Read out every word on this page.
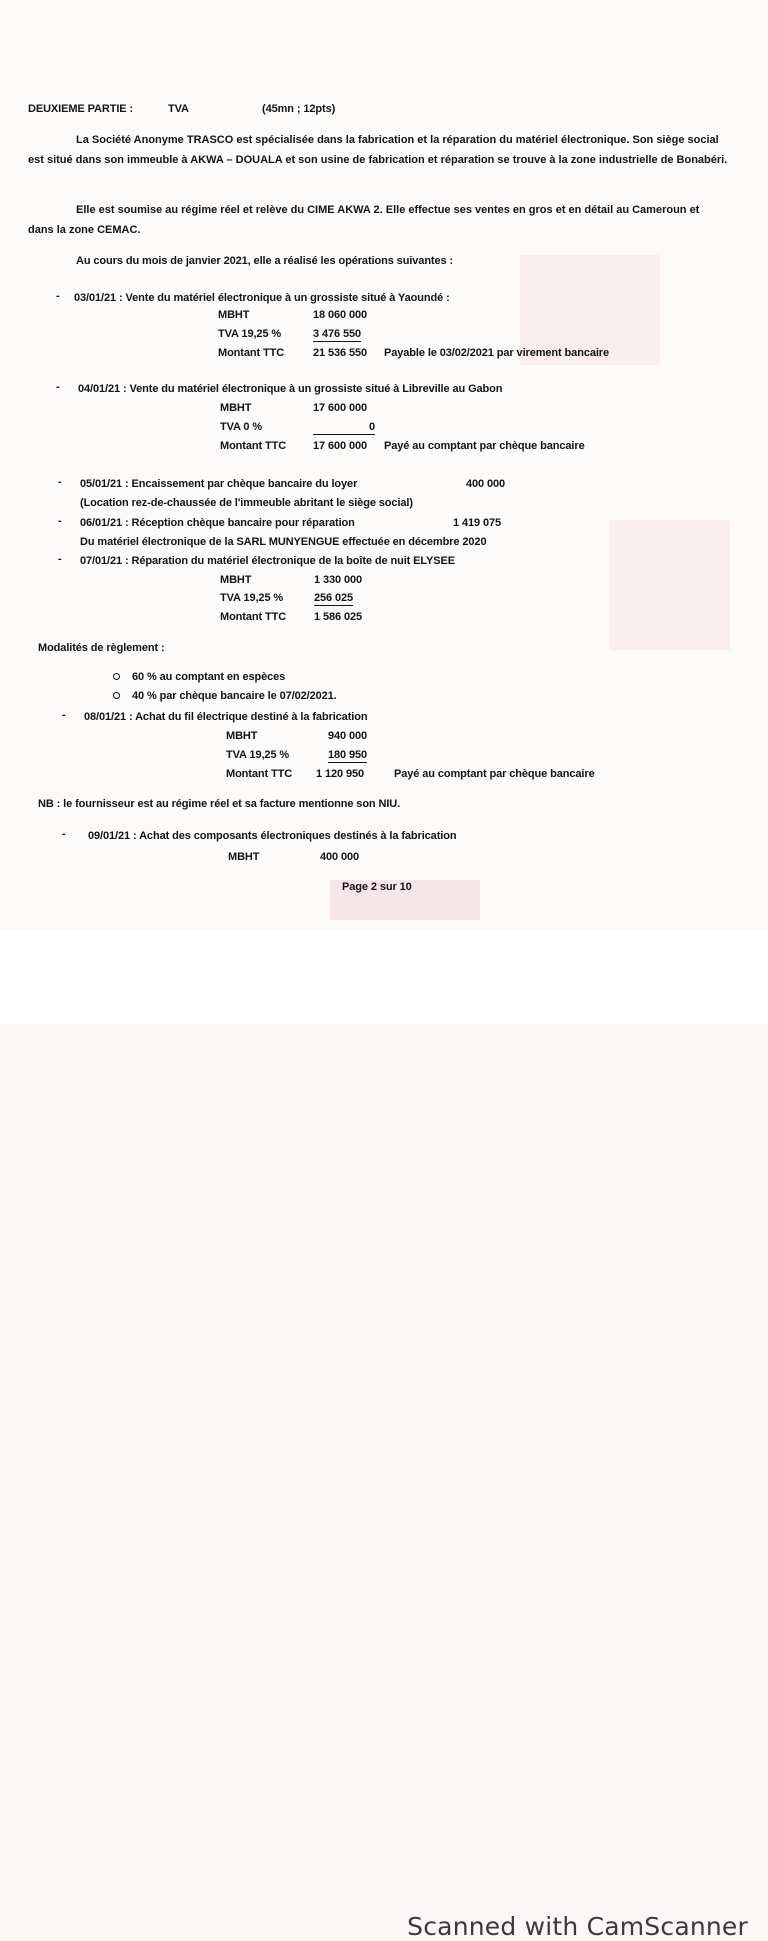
DEUXIEME PARTIE :	TVA	(45mn ; 12pts)
La Société Anonyme TRASCO est spécialisée dans la fabrication et la réparation du matériel électronique. Son siège social est situé dans son immeuble à AKWA – DOUALA et son usine de fabrication et réparation se trouve à la zone industrielle de Bonabéri.
Elle est soumise au régime réel et relève du CIME AKWA 2. Elle effectue ses ventes en gros et en détail au Cameroun et dans la zone CEMAC.
Au cours du mois de janvier 2021, elle a réalisé les opérations suivantes :
- 03/01/21 : Vente du matériel électronique à un grossiste situé à Yaoundé :
MBHT	18 060 000
TVA 19,25 %	3 476 550
Montant TTC	21 536 550 Payable le 03/02/2021 par virement bancaire
- 04/01/21 : Vente du matériel électronique à un grossiste situé à Libreville au Gabon
MBHT	17 600 000
TVA 0 %	0
Montant TTC 17 600 000 Payé au comptant par chèque bancaire
- 05/01/21 : Encaissement par chèque bancaire du loyer	400 000
(Location rez-de-chaussée de l'immeuble abritant le siège social)
- 06/01/21 : Réception chèque bancaire pour réparation	1 419 075
Du matériel électronique de la SARL MUNYENGUE effectuée en décembre 2020
- 07/01/21 : Réparation du matériel électronique de la boîte de nuit ELYSEE
MBHT	1 330 000
TVA 19,25 %	256 025
Montant TTC	1 586 025
Modalités de règlement :
60 % au comptant en espèces
40 % par chèque bancaire le 07/02/2021.
- 08/01/21 : Achat du fil électrique destiné à la fabrication
MBHT	940 000
TVA 19,25 %	180 950
Montant TTC 1 120 950	Payé au comptant par chèque bancaire
NB : le fournisseur est au régime réel et sa facture mentionne son NIU.
- 09/01/21 : Achat des composants électroniques destinés à la fabrication
MBHT	400 000
Page 2 sur 10
Scanned with CamScanner
